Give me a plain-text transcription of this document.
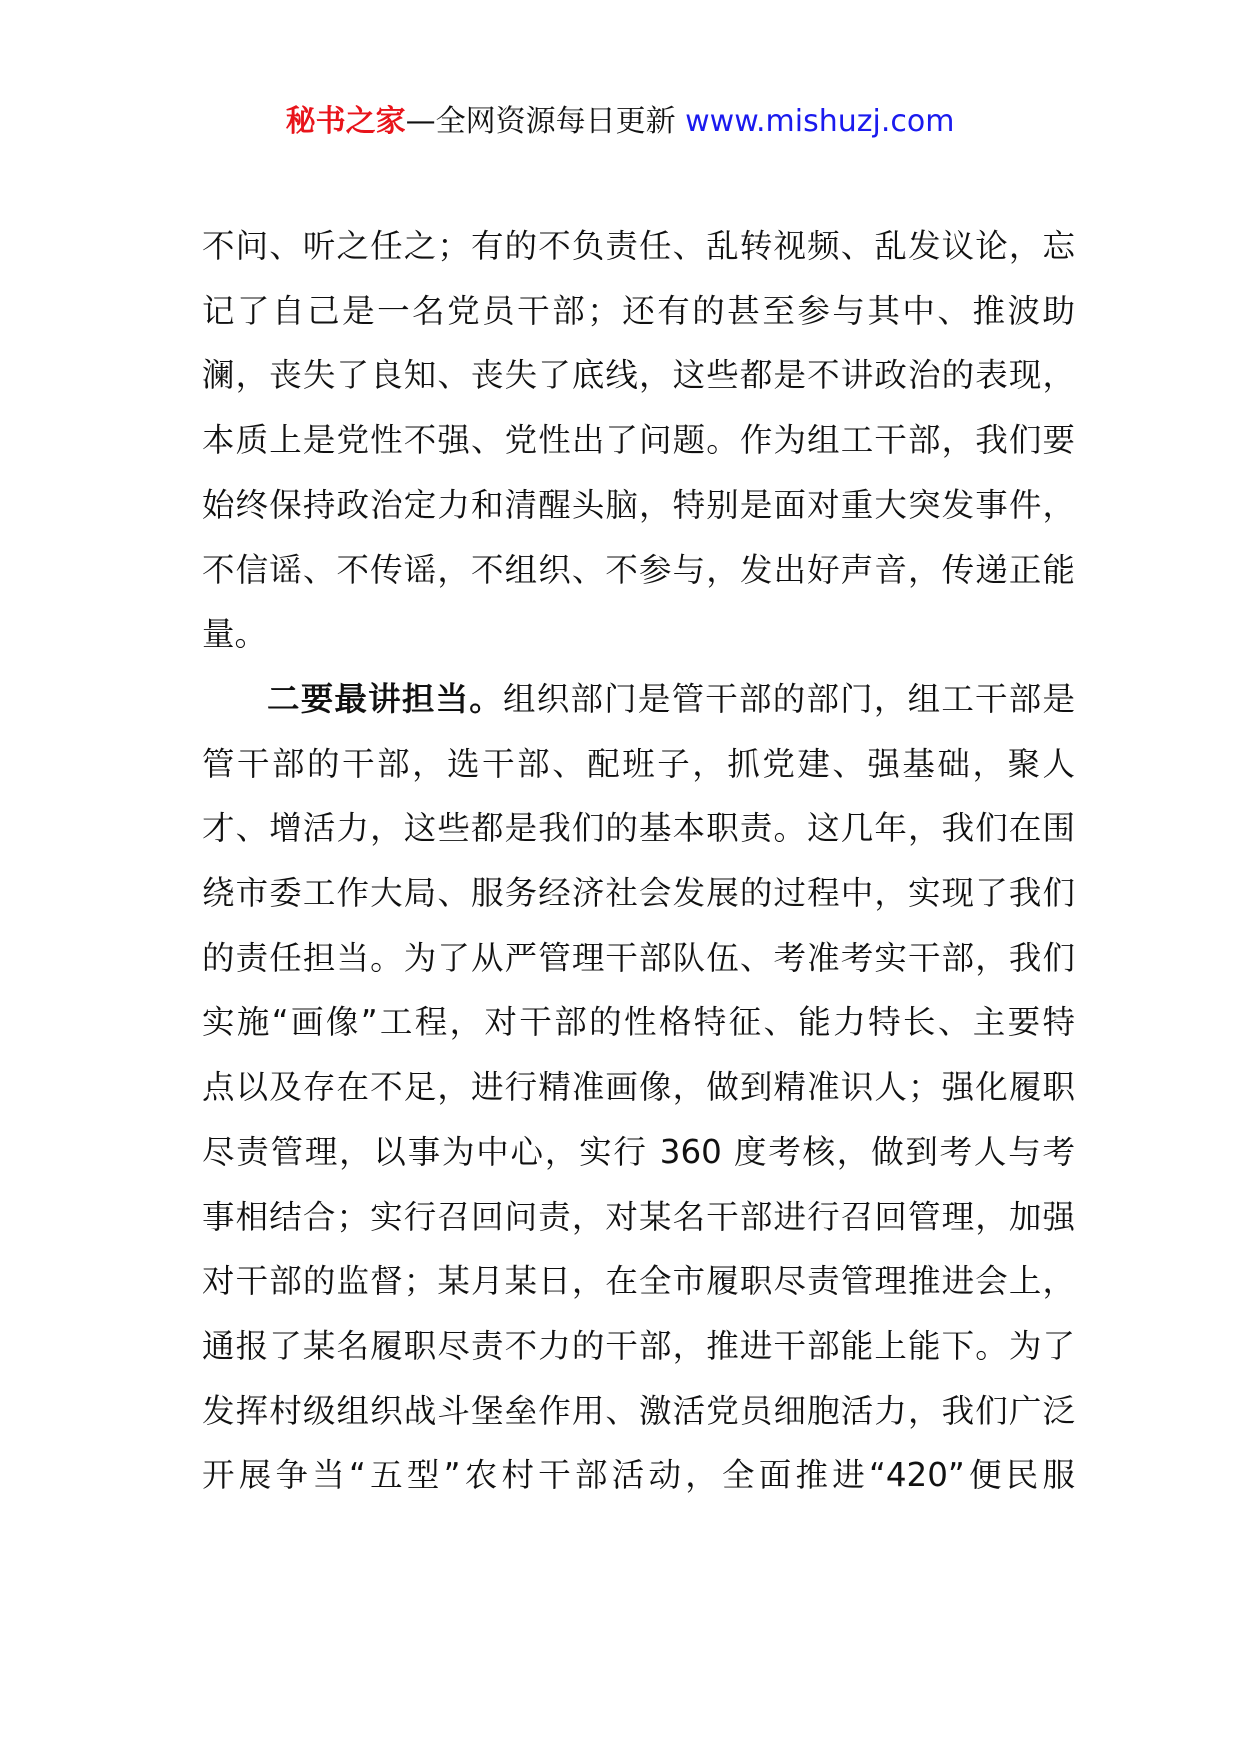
秘书之家—全网资源每日更新 www.mishuzj.com
不问、听之任之；有的不负责任、乱转视频、乱发议论，忘
记了自己是一名党员干部；还有的甚至参与其中、推波助
澜，丧失了良知、丧失了底线，这些都是不讲政治的表现，
本质上是党性不强、党性出了问题。作为组工干部，我们要
始终保持政治定力和清醒头脑，特别是面对重大突发事件，
不信谣、不传谣，不组织、不参与，发出好声音，传递正能
量。
二要最讲担当。组织部门是管干部的部门，组工干部是
管干部的干部，选干部、配班子，抓党建、强基础，聚人
才、增活力，这些都是我们的基本职责。这几年，我们在围
绕市委工作大局、服务经济社会发展的过程中，实现了我们
的责任担当。为了从严管理干部队伍、考准考实干部，我们
实施“画像”工程，对干部的性格特征、能力特长、主要特
点以及存在不足，进行精准画像，做到精准识人；强化履职
尽责管理，以事为中心，实行 360 度考核，做到考人与考
事相结合；实行召回问责，对某名干部进行召回管理，加强
对干部的监督；某月某日，在全市履职尽责管理推进会上，
通报了某名履职尽责不力的干部，推进干部能上能下。为了
发挥村级组织战斗堡垒作用、激活党员细胞活力，我们广泛
开展争当“五型”农村干部活动，全面推进“420”便民服
